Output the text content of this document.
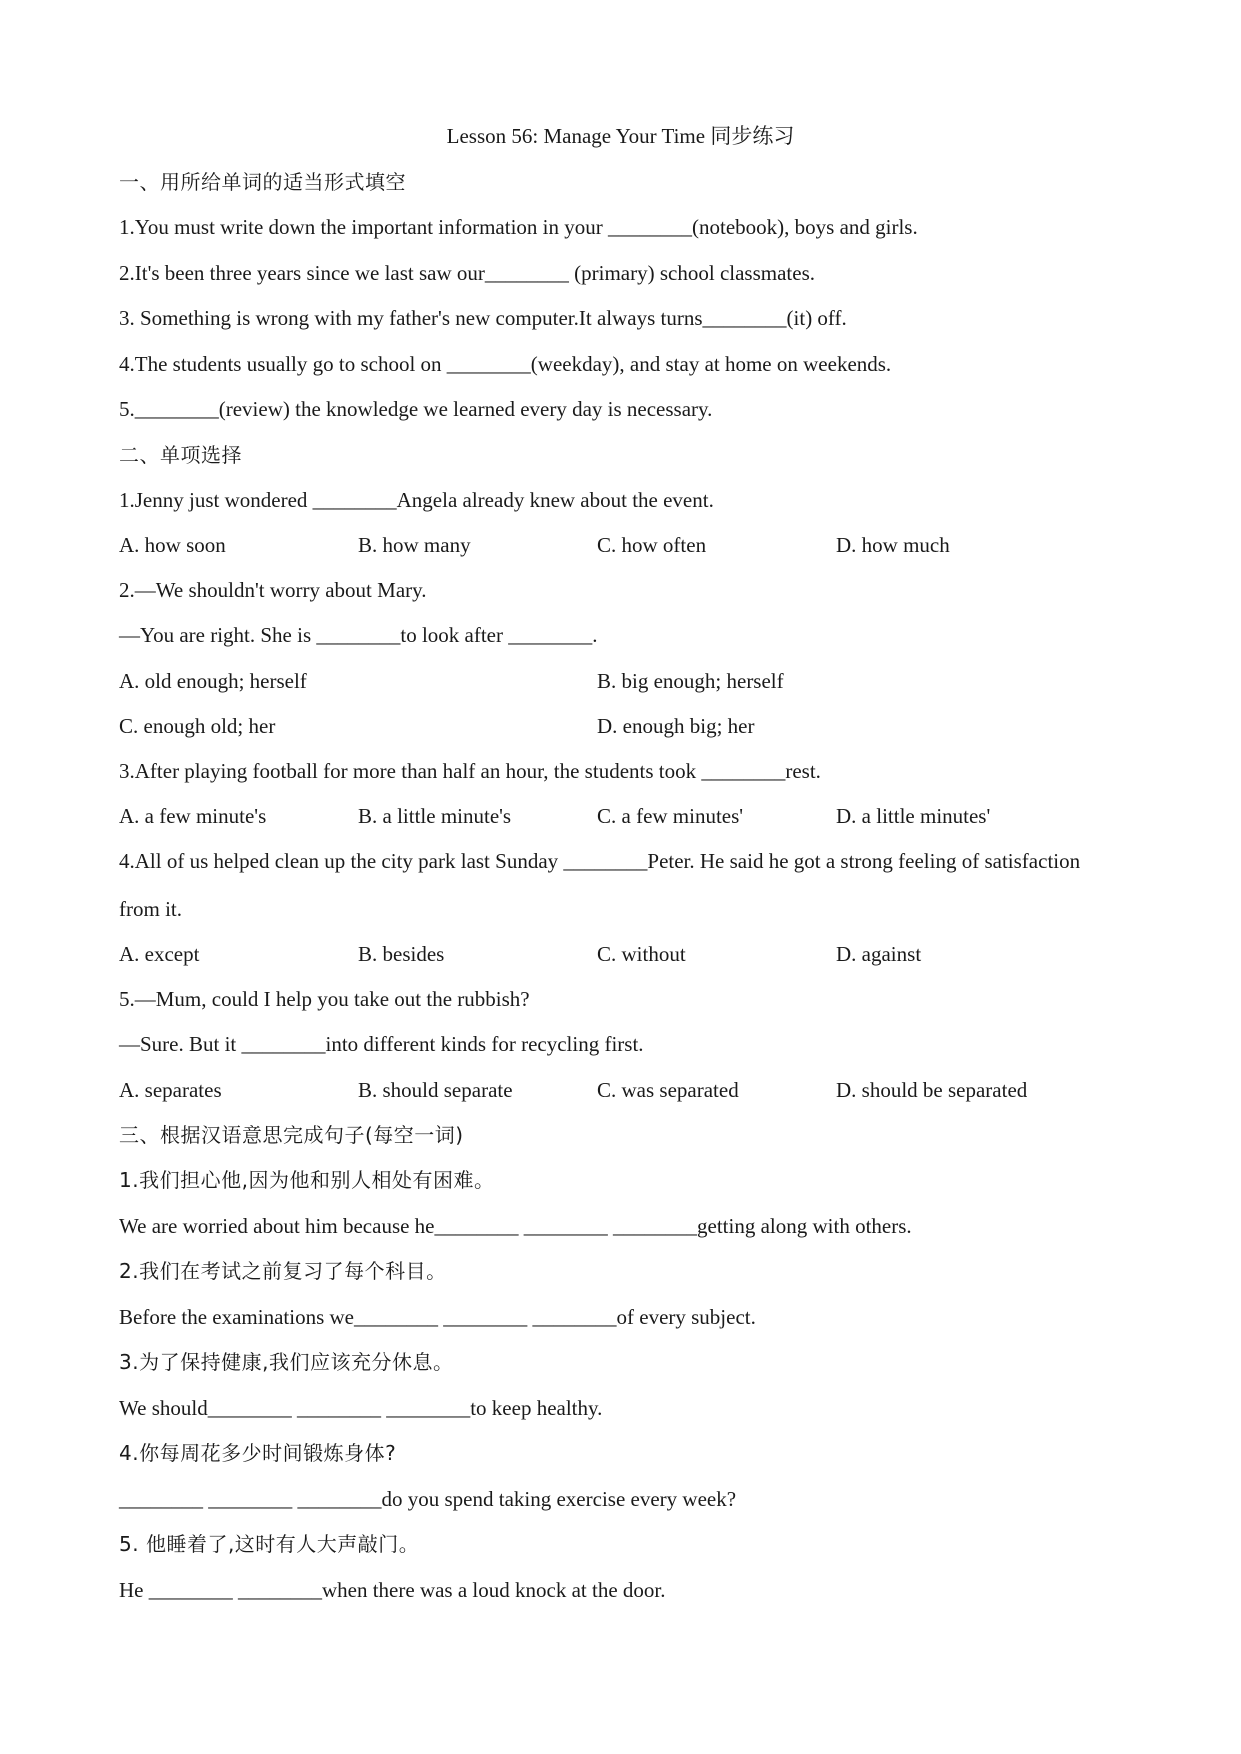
Lesson 56: Manage Your Time 同步练习
一、用所给单词的适当形式填空
1.You must write down the important information in your ________(notebook), boys and girls.
2.It's been three years since we last saw our________ (primary) school classmates.
3. Something is wrong with my father's new computer.It always turns________(it) off.
4.The students usually go to school on ________(weekday), and stay at home on weekends.
5.________(review) the knowledge we learned every day is necessary.
二、单项选择
1.Jenny just wondered ________Angela already knew about the event.
A. how soon	B. how many	C. how often	D. how much
2.—We shouldn't worry about Mary.
—You are right. She is ________to look after ________.
A. old enough; herself	B. big enough; herself
C. enough old; her	D. enough big; her
3.After playing football for more than half an hour, the students took ________rest.
A. a few minute's	B. a little minute's	C. a few minutes'	D. a little minutes'
4.All of us helped clean up the city park last Sunday ________Peter. He said he got a strong feeling of satisfaction
from it.
A. except	B. besides	C. without	D. against
5.—Mum, could I help you take out the rubbish?
—Sure. But it ________into different kinds for recycling first.
A. separates	B. should separate	C. was separated	D. should be separated
三、根据汉语意思完成句子(每空一词)
1.我们担心他,因为他和别人相处有困难。
We are worried about him because he________ ________ ________getting along with others.
2.我们在考试之前复习了每个科目。
Before the examinations we________ ________ ________of every subject.
3.为了保持健康,我们应该充分休息。
We should________ ________ ________to keep healthy.
4.你每周花多少时间锻炼身体?
________ ________ ________do you spend taking exercise every week?
5. 他睡着了,这时有人大声敲门。
He ________ ________when there was a loud knock at the door.
